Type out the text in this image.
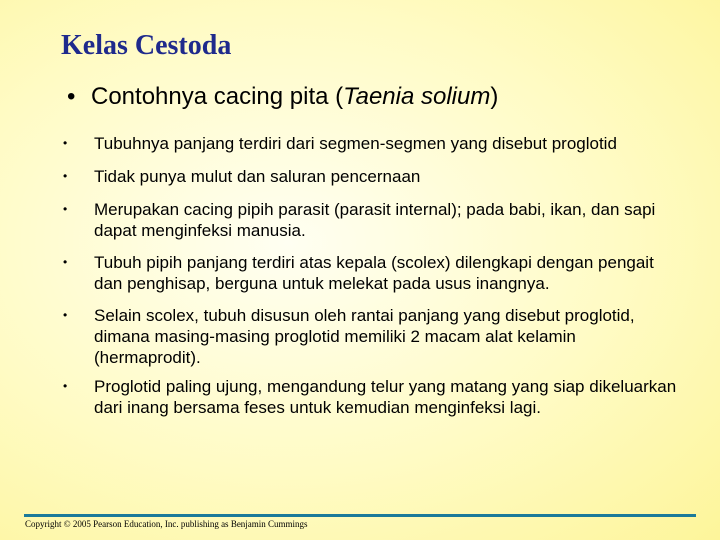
Kelas Cestoda
• Contohnya cacing pita (Taenia solium)
• Tubuhnya panjang terdiri dari segmen-segmen yang disebut proglotid
• Tidak punya mulut dan saluran pencernaan
• Merupakan cacing pipih parasit (parasit internal); pada babi, ikan, dan sapi dapat menginfeksi manusia.
• Tubuh pipih panjang terdiri atas kepala (scolex) dilengkapi dengan pengait dan penghisap, berguna untuk melekat pada usus inangnya.
• Selain scolex, tubuh disusun oleh rantai panjang yang disebut proglotid, dimana masing-masing proglotid memiliki 2 macam alat kelamin (hermaprodit).
• Proglotid paling ujung, mengandung telur yang matang yang siap dikeluarkan dari inang bersama feses untuk kemudian menginfeksi lagi.
Copyright © 2005 Pearson Education, Inc. publishing as Benjamin Cummings
